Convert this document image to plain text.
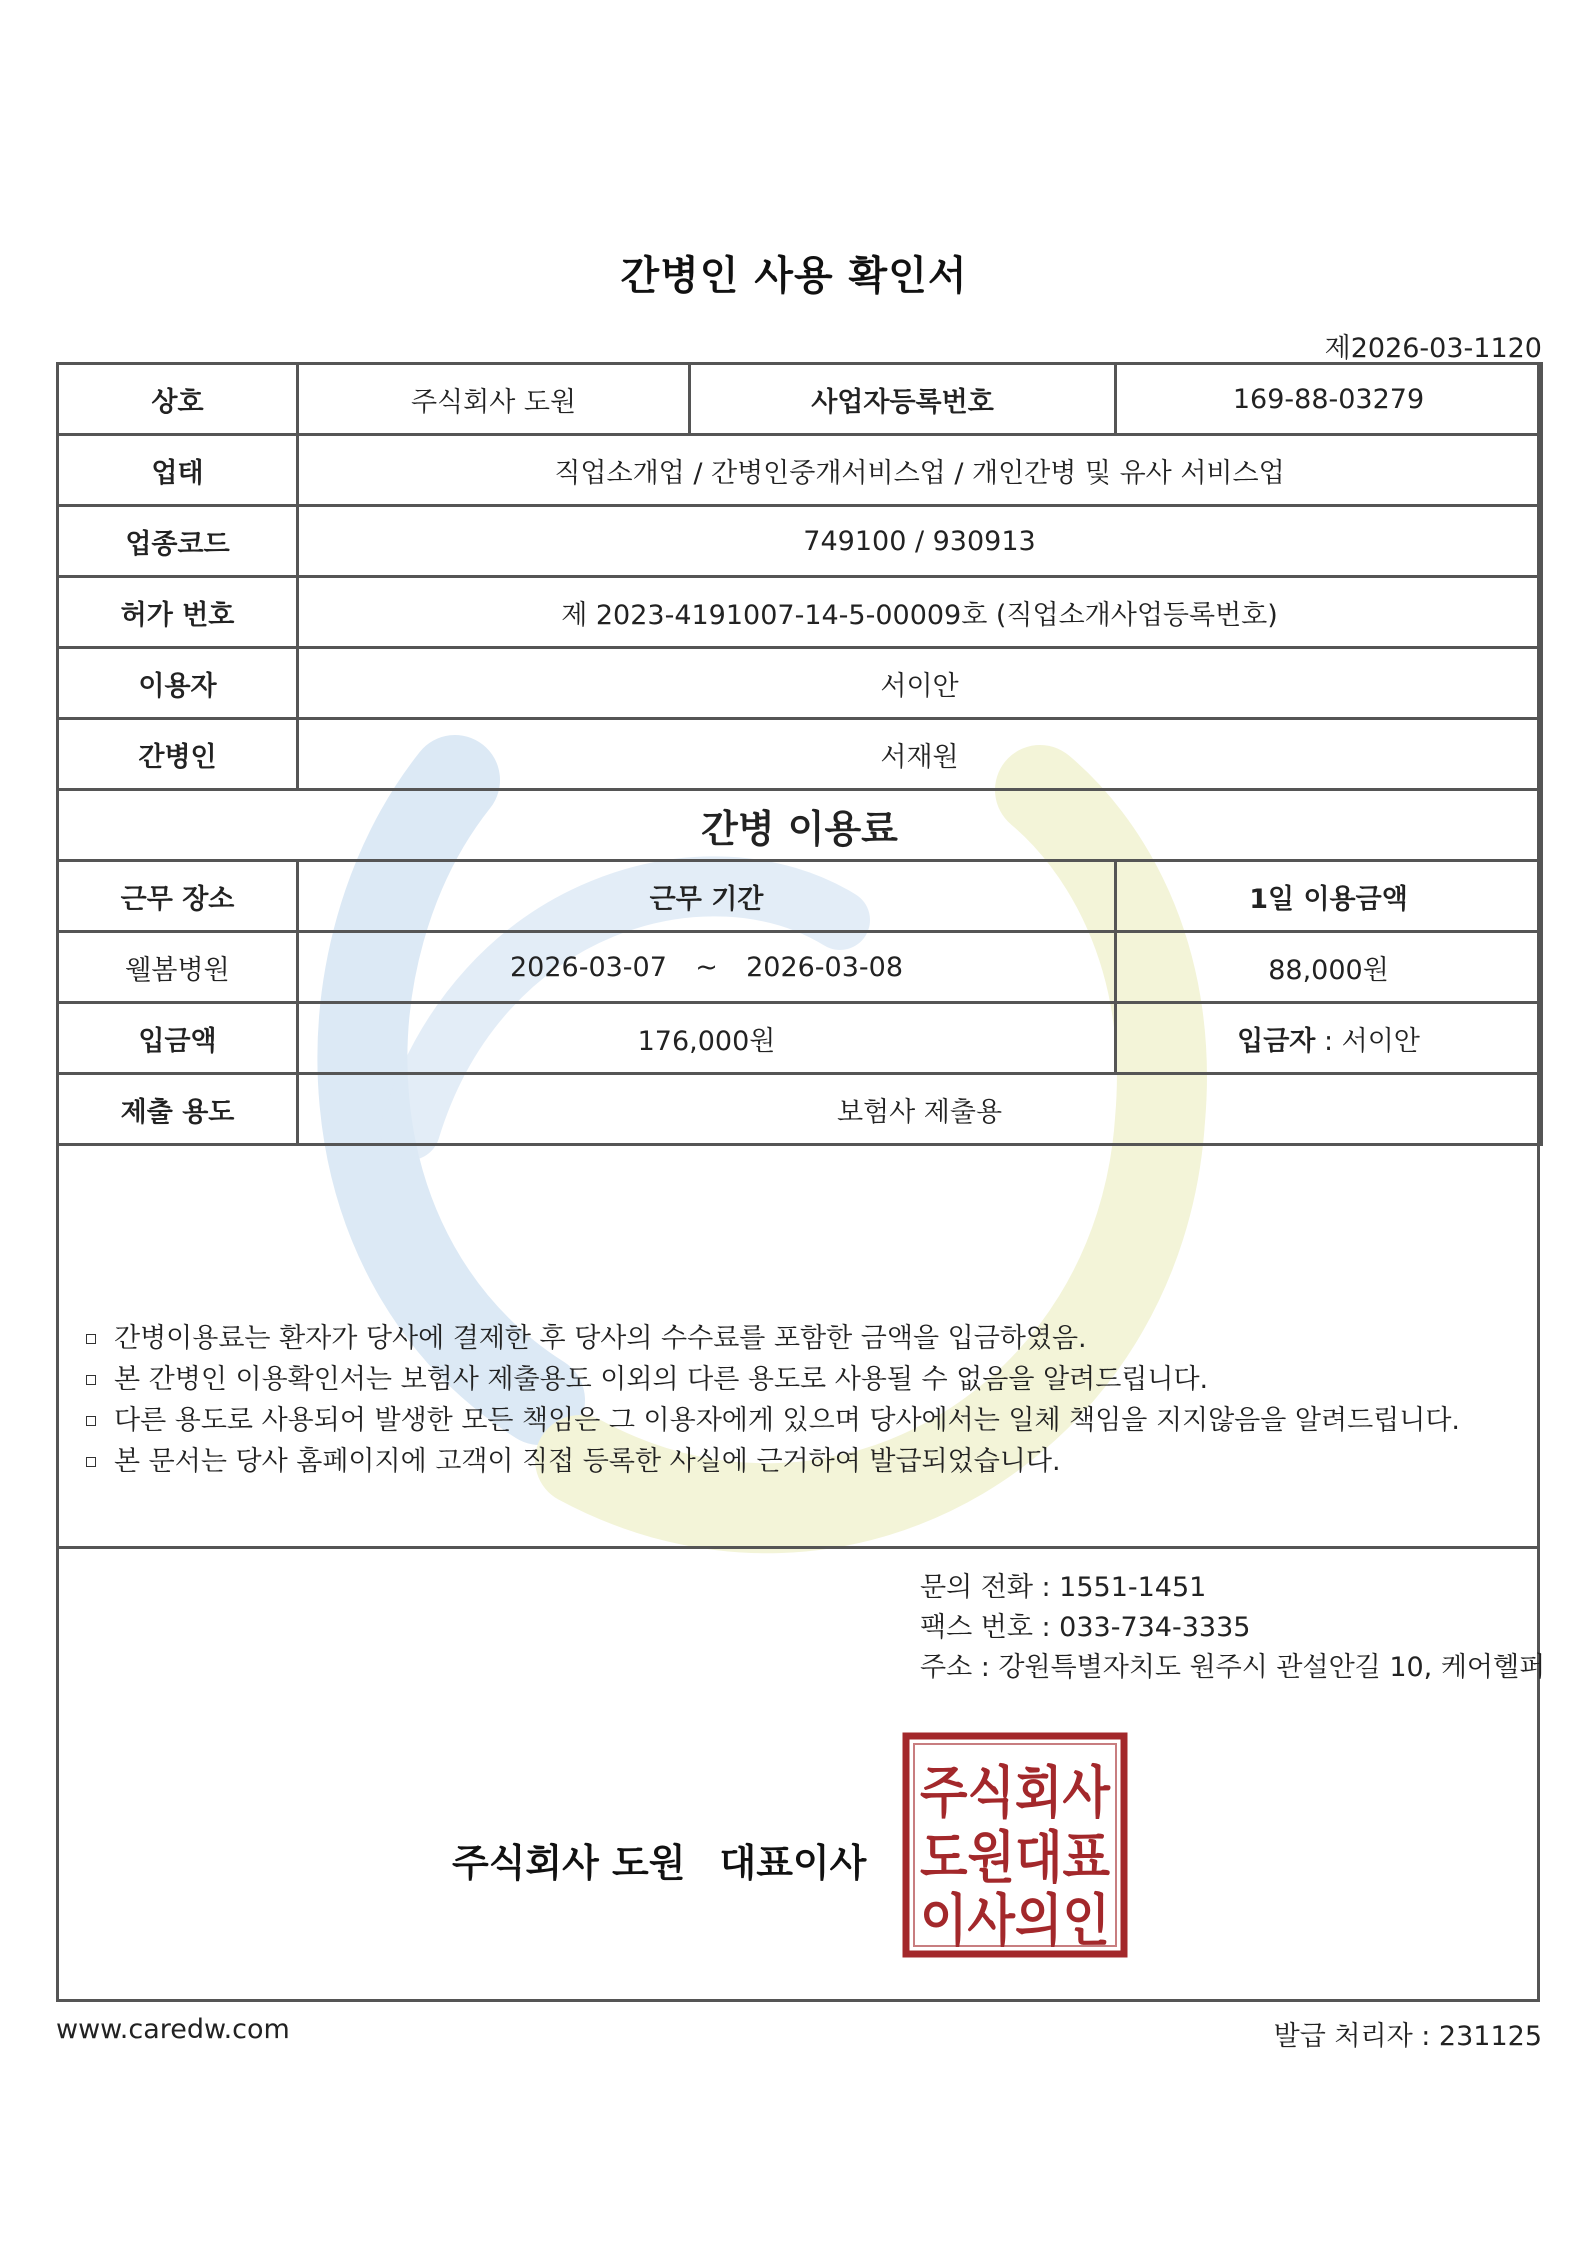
간병인 사용 확인서
제2026-03-1120
상호	주식회사 도원	사업자등록번호	169-88-03279
업태	직업소개업 / 간병인중개서비스업 / 개인간병 및 유사 서비스업		
업종코드	749100 / 930913		
허가 번호	제 2023-4191007-14-5-00009호 (직업소개사업등록번호)		
이용자	서이안		
간병인	서재원		
간병 이용료			
근무 장소	근무 기간		1일 이용금액
웰봄병원	2026-03-07 ~ 2026-03-08		88,000원
입금액	176,000원		입금자 : 서이안
제출 용도	보험사 제출용		
간병이용료는 환자가 당사에 결제한 후 당사의 수수료를 포함한 금액을 입금하였음.
본 간병인 이용확인서는 보험사 제출용도 이외의 다른 용도로 사용될 수 없음을 알려드립니다.
다른 용도로 사용되어 발생한 모든 책임은 그 이용자에게 있으며 당사에서는 일체 책임을 지지않음을 알려드립니다.
본 문서는 당사 홈페이지에 고객이 직접 등록한 사실에 근거하여 발급되었습니다.
문의 전화 : 1551-1451
팩스 번호 : 033-734-3335
주소 : 강원특별자치도 원주시 관설안길 10, 케어헬퍼
주식회사 도원 대표이사
주식회사
도원대표
이사의인
www.caredw.com	발급 처리자 : 231125
